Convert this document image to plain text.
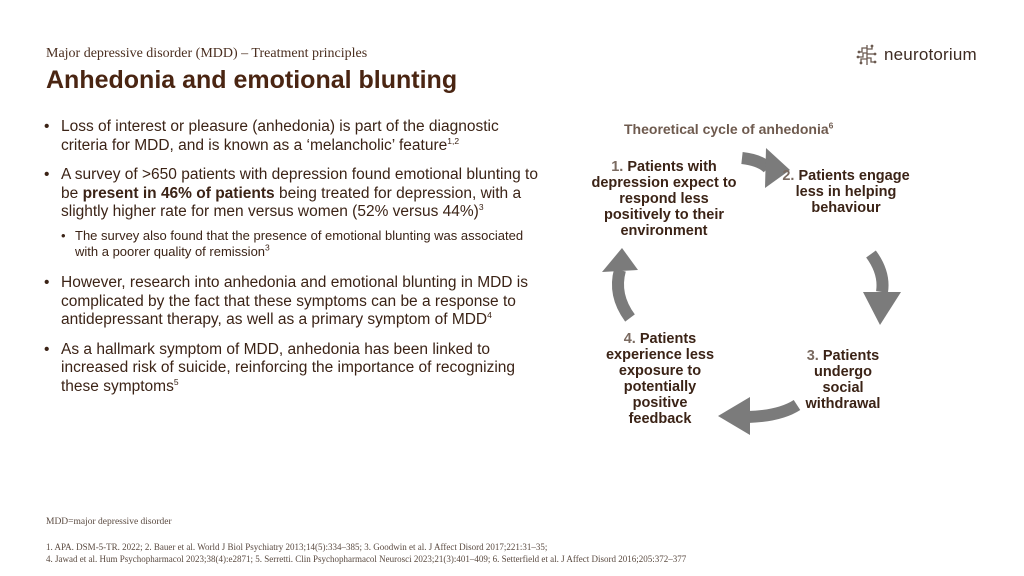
Major depressive disorder (MDD) – Treatment principles
Anhedonia and emotional blunting
neurotorium
• Loss of interest or pleasure (anhedonia) is part of the diagnostic criteria for MDD, and is known as a ‘melancholic’ feature$^{1,2}$
• A survey of >650 patients with depression found emotional blunting to be present in 46% of patients being treated for depression, with a slightly higher rate for men versus women (52% versus 44%)$^3$
• The survey also found that the presence of emotional blunting was associated with a poorer quality of remission$^3$
• However, research into anhedonia and emotional blunting in MDD is complicated by the fact that these symptoms can be a response to antidepressant therapy, as well as a primary symptom of MDD$^4$
• As a hallmark symptom of MDD, anhedonia has been linked to increased risk of suicide, reinforcing the importance of recognizing these symptoms$^5$
Theoretical cycle of anhedonia$^6$
1. Patients with depression expect to respond less positively to their environment
2. Patients engage less in helping behaviour
3. Patients undergo social withdrawal
4. Patients experience less exposure to potentially positive feedback
MDD=major depressive disorder
1. APA. DSM-5-TR. 2022; 2. Bauer et al. World J Biol Psychiatry 2013;14(5):334–385; 3. Goodwin et al. J Affect Disord 2017;221:31–35;
4. Jawad et al. Hum Psychopharmacol 2023;38(4):e2871; 5. Serretti. Clin Psychopharmacol Neurosci 2023;21(3):401–409; 6. Setterfield et al. J Affect Disord 2016;205:372–377
